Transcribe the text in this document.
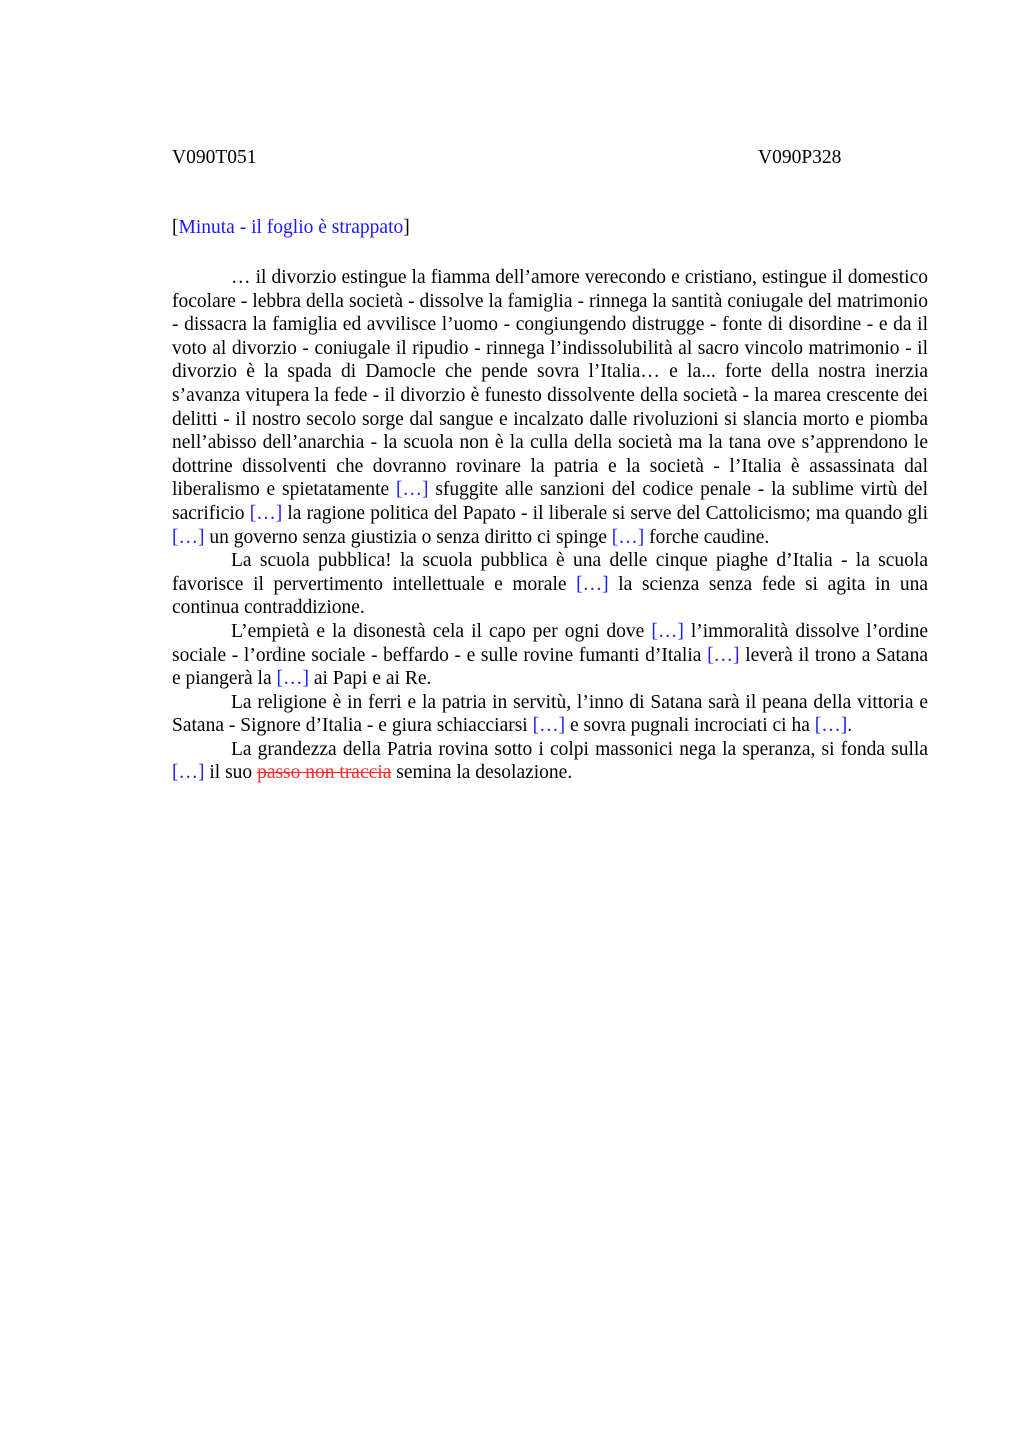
V090T051	V090P328
[Minuta - il foglio è strappato]

… il divorzio estingue la fiamma dell’amore verecondo e cristiano, estingue il domestico focolare - lebbra della società - dissolve la famiglia - rinnega la santità coniugale del matrimonio - dissacra la famiglia ed avvilisce l’uomo - congiungendo distrugge - fonte di disordine - e da il voto al divorzio - coniugale il ripudio - rinnega l’indissolubilità al sacro vincolo matrimonio - il divorzio è la spada di Damocle che pende sovra l’Italia… e la... forte della nostra inerzia s’avanza vitupera la fede - il divorzio è funesto dissolvente della società - la marea crescente dei delitti - il nostro secolo sorge dal sangue e incalzato dalle rivoluzioni si slancia morto e piomba nell’abisso dell’anarchia - la scuola non è la culla della società ma la tana ove s’apprendono le dottrine dissolventi che dovranno rovinare la patria e la società - l’Italia è assassinata dal liberalismo e spietatamente […] sfuggite alle sanzioni del codice penale - la sublime virtù del sacrificio […] la ragione politica del Papato - il liberale si serve del Cattolicismo; ma quando gli […] un governo senza giustizia o senza diritto ci spinge […] forche caudine.

La scuola pubblica! la scuola pubblica è una delle cinque piaghe d’Italia - la scuola favorisce il pervertimento intellettuale e morale […] la scienza senza fede si agita in una continua contraddizione.

L’empietà e la disonestà cela il capo per ogni dove […] l’immoralità dissolve l’ordine sociale - l’ordine sociale - beffardo - e sulle rovine fumanti d’Italia […] leverà il trono a Satana e piangerà la […] ai Papi e ai Re.

La religione è in ferri e la patria in servitù, l’inno di Satana sarà il peana della vittoria e Satana - Signore d’Italia - e giura schiacciarsi […] e sovra pugnali incrociati ci ha […].

La grandezza della Patria rovina sotto i colpi massonici nega la speranza, si fonda sulla […] il suo passo non traccia semina la desolazione.
